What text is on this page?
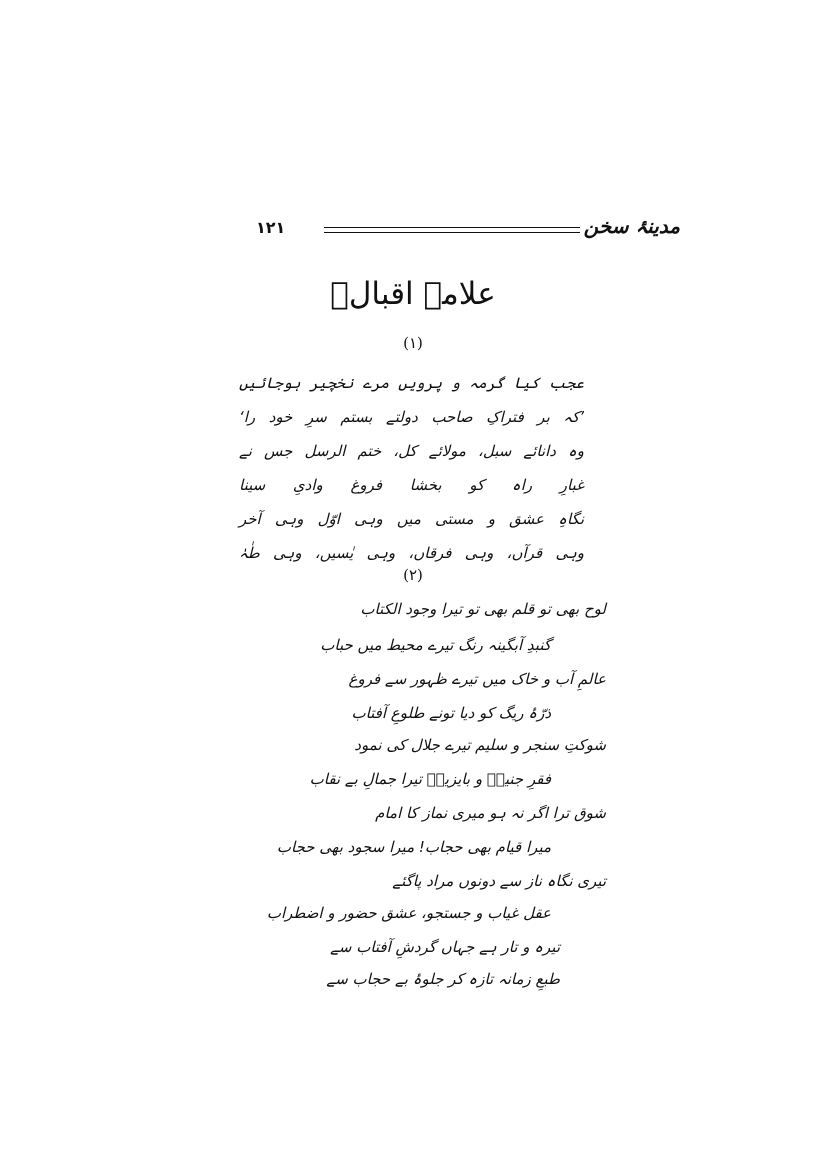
۱۲۱	مدینۂ سخن
علامہ اقبالؔ
(۱)
عجب کیا گرمہ و پرویں مرے نخچیر ہوجائیں
’کہ بر فتراکِ صاحب دولتے بستم سرِ خود را‘
وہ دانائے سبل، مولائے کل، ختم الرسل جس نے
غبارِ راہ کو بخشا فروغ وادیِ سینا
نگاہِ عشق و مستی میں وہی اوّل وہی آخر
وہی قرآں، وہی فرقاں، وہی یٰسیں، وہی طٰہٰ
(۲)
لوح بھی تو قلم بھی تو تیرا وجود الکتاب
گنبدِ آبگینہ رنگ تیرے محیط میں حباب
عالمِ آب و خاک میں تیرے ظہور سے فروغ
ذرّۂ ریگ کو دیا تونے طلوعِ آفتاب
شوکتِ سنجر و سلیم تیرے جلال کی نمود
فقرِ جنیدؒ و بایزیدؒ تیرا جمالِ بے نقاب
شوق ترا اگر نہ ہو میری نماز کا امام
میرا قیام بھی حجاب! میرا سجود بھی حجاب
تیری نگاہ ناز سے دونوں مراد پاگئے
عقل غیاب و جستجو، عشق حضور و اضطراب
تیرہ و تار ہے جہاں گردشِ آفتاب سے
طبعِ زمانہ تازہ کر جلوۂ بے حجاب سے
